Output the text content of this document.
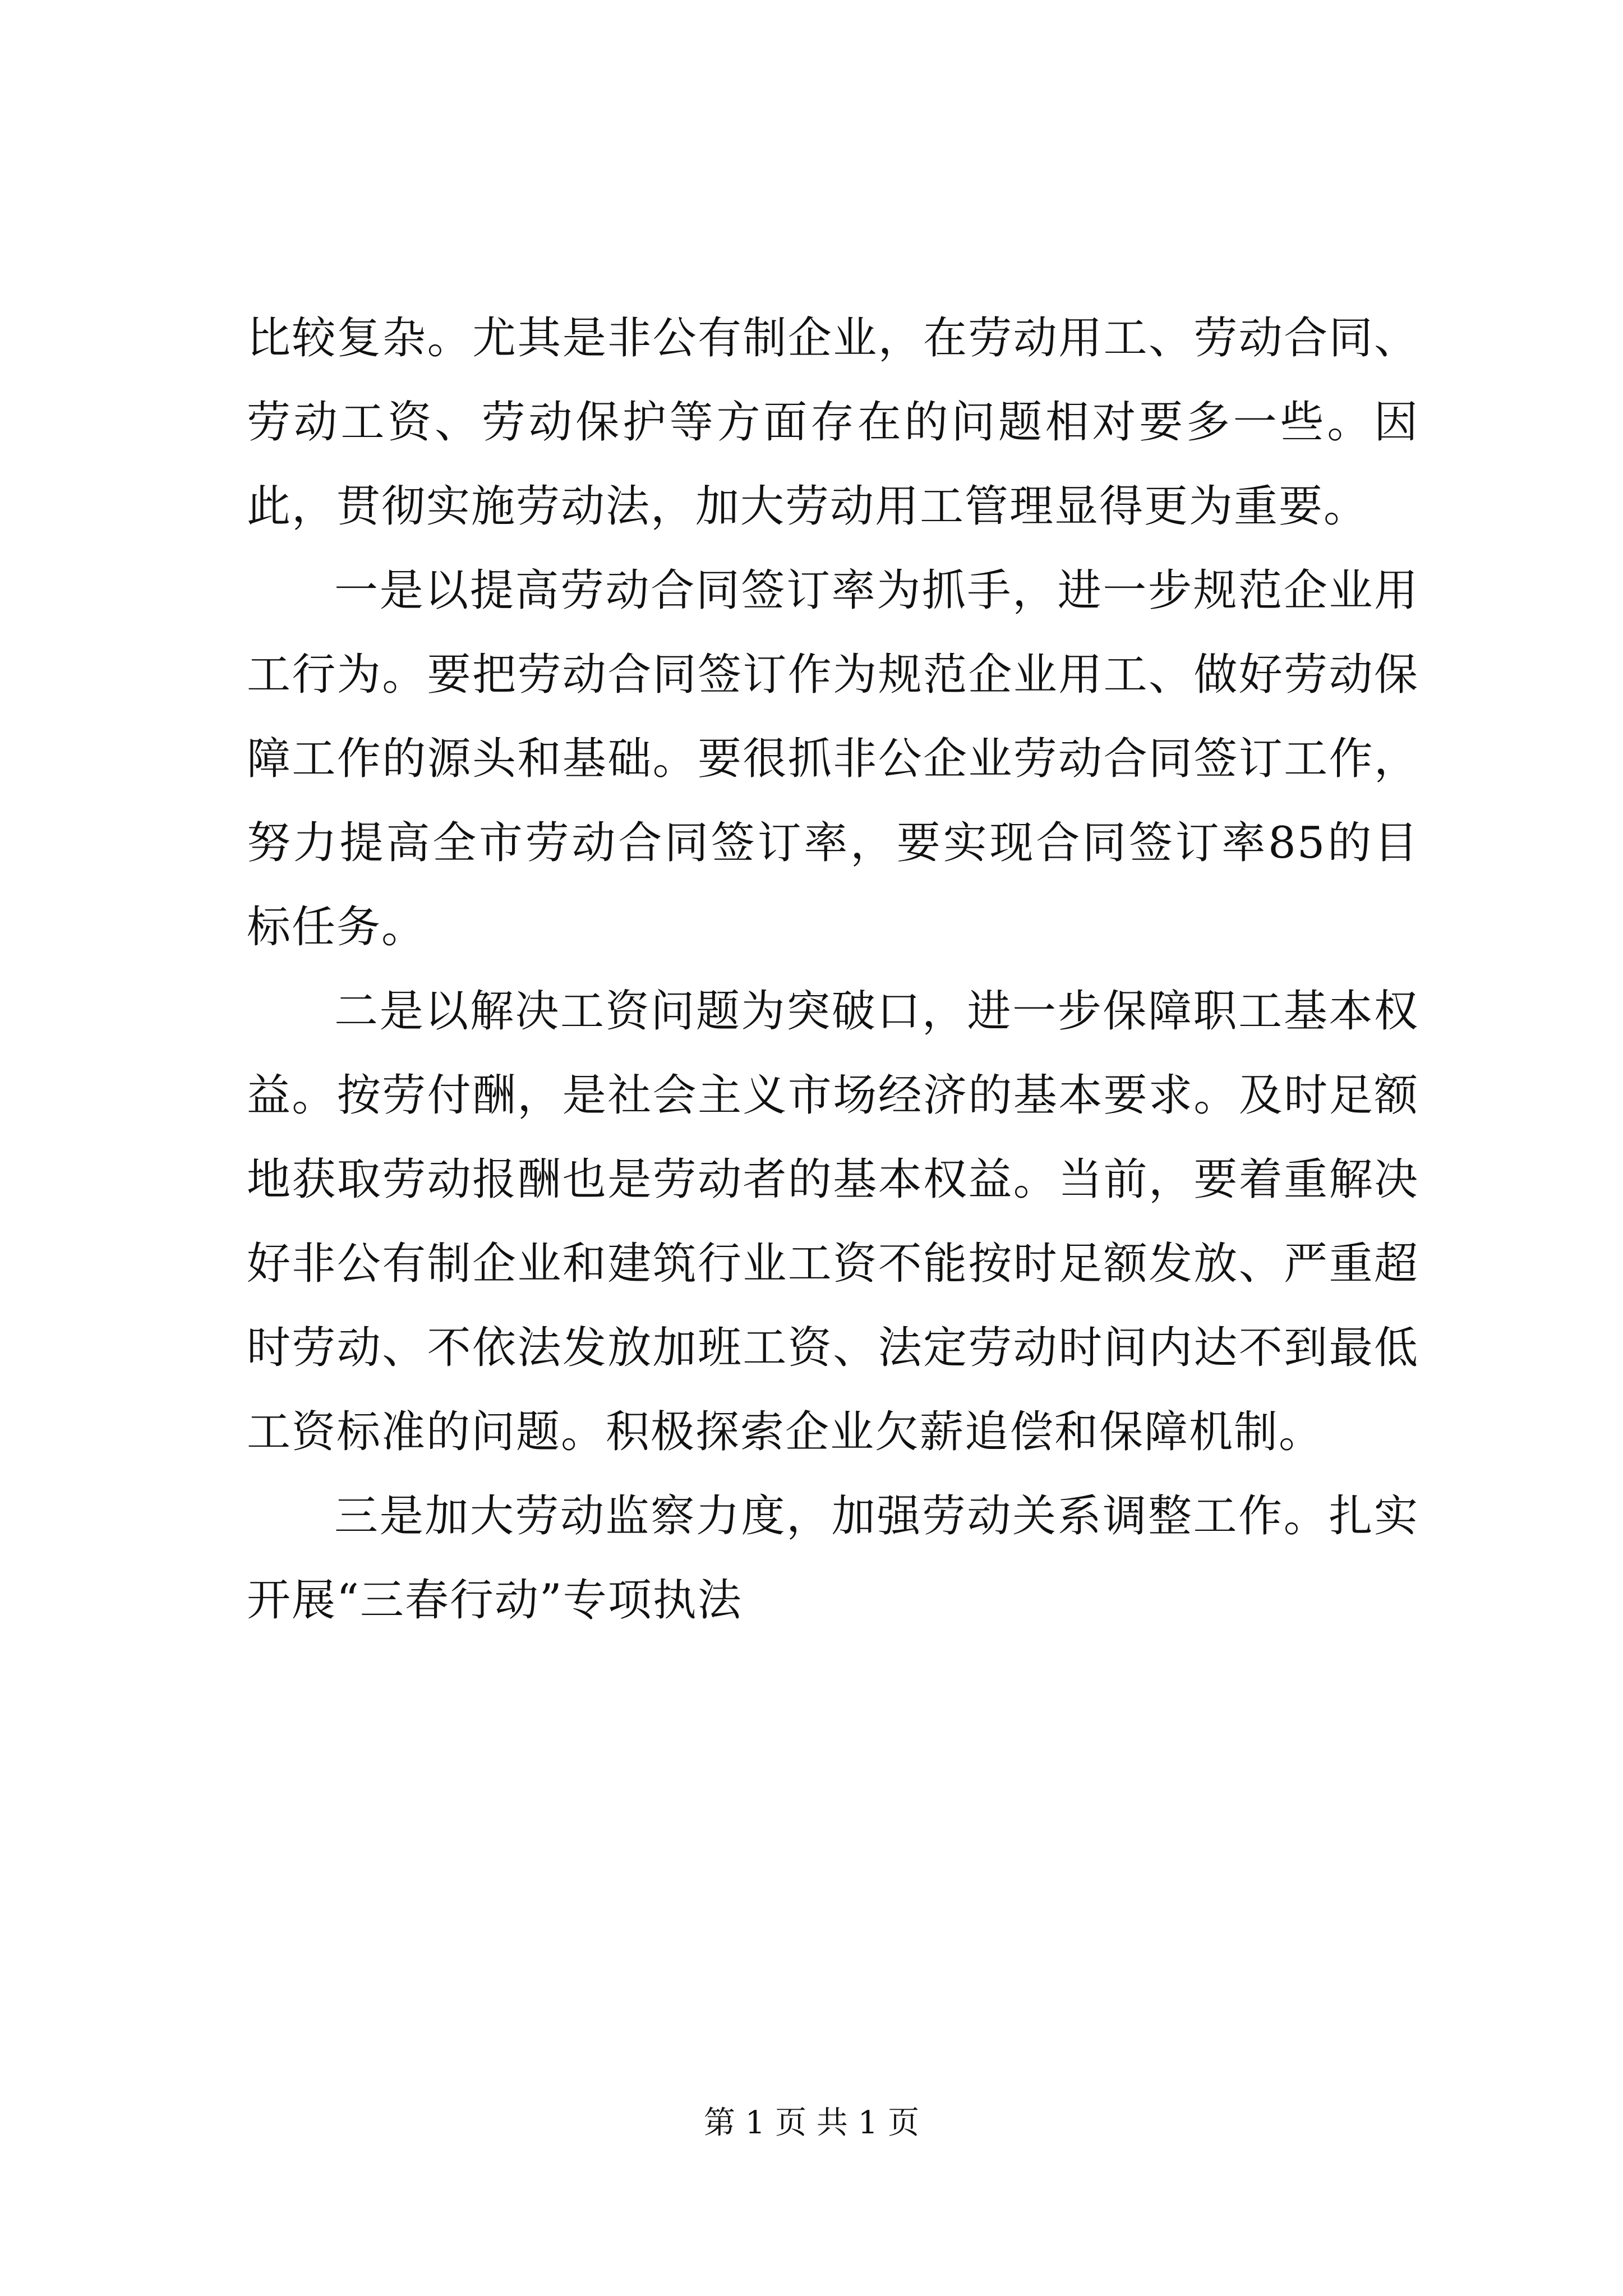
比较复杂。尤其是非公有制企业，在劳动用工、劳动合同、劳动工资、劳动保护等方面存在的问题相对要多一些。因此，贯彻实施劳动法，加大劳动用工管理显得更为重要。

一是以提高劳动合同签订率为抓手，进一步规范企业用工行为。要把劳动合同签订作为规范企业用工、做好劳动保障工作的源头和基础。要很抓非公企业劳动合同签订工作，努力提高全市劳动合同签订率，要实现合同签订率85的目标任务。

二是以解决工资问题为突破口，进一步保障职工基本权益。按劳付酬，是社会主义市场经济的基本要求。及时足额地获取劳动报酬也是劳动者的基本权益。当前，要着重解决好非公有制企业和建筑行业工资不能按时足额发放、严重超时劳动、不依法发放加班工资、法定劳动时间内达不到最低工资标准的问题。积极探索企业欠薪追偿和保障机制。

三是加大劳动监察力度，加强劳动关系调整工作。扎实开展“三春行动”专项执法

第 1 页 共 1 页
